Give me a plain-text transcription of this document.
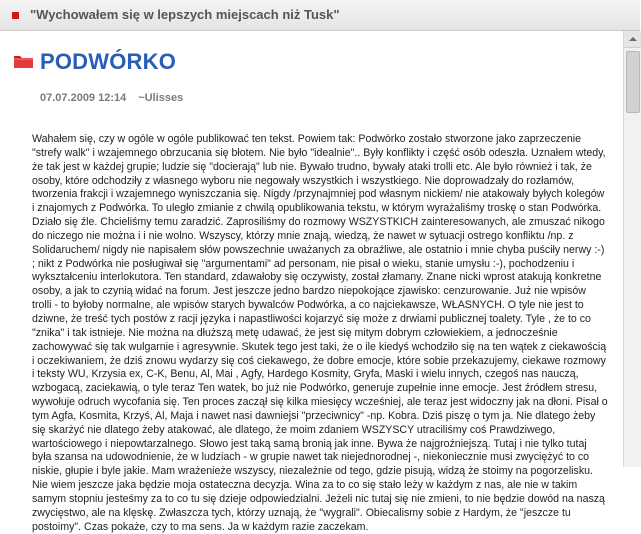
"Wychowałem się w lepszych miejscach niż Tusk"
PODWÓRKO
07.07.2009 12:14 ~Ulisses

Wahałem się, czy w ogóle w ogóle publikować ten tekst. Powiem tak: Podwórko zostało stworzone jako zaprzeczenie "strefy walk" i wzajemnego obrzucania się błotem. Nie było "idealnie".. Były konflikty i część osób odeszła. Uznałem wtedy, że tak jest w każdej grupie; ludzie się "docierają" lub nie. Bywało trudno, bywały ataki trolli etc. Ale było również i tak, że osoby, które odchodziły z własnego wyboru nie negowały wszystkich i wszystkiego. Nie doprowadzały do rozłamów, tworzenia frakcji i wzajemnego wyniszczania się. Nigdy /przynajmniej pod własnym nickiem/ nie atakowały byłych kolegów i znajomych z Podwórka. To uległo zmianie z chwilą opublikowania tekstu, w którym wyrażaliśmy troskę o stan Podwórka. Działo się źle. Chcieliśmy temu zaradzić. Zaprosiliśmy do rozmowy WSZYSTKICH zainteresowanych, ale zmuszać nikogo do niczego nie można i i nie wolno. Wszyscy, którzy mnie znają, wiedzą, że nawet w sytuacji ostrego konfliktu /np. z Solidaruchem/ nigdy nie napisałem słów powszechnie uważanych za obraźliwe, ale ostatnio i mnie chyba puściły nerwy :-) ; nikt z Podwórka nie posługiwał się "argumentami" ad personam, nie pisał o wieku, stanie umysłu :-), pochodzeniu i wykształceniu interlokutora. Ten standard, zdawałoby się oczywisty, został złamany. Znane nicki wprost atakują konkretne osoby, a jak to czynią widać na forum. Jest jeszcze jedno bardzo niepokojące zjawisko: cenzurowanie. Już nie wpisów trolli - to byłoby normalne, ale wpisów starych bywalców Podwórka, a co najciekawsze, WŁASNYCH. O tyle nie jest to dziwne, że treść tych postów z racji języka i napastliwości kojarzyć się może z drwiami publicznej toalety. Tyle , że to co "znika" i tak istnieje. Nie można na dłuższą metę udawać, że jest się mitym dobrym człowiekiem, a jednocześnie zachowywać się tak wulgarnie i agresywnie. Skutek tego jest taki, że o ile kiedyś wchodziło się na ten wątek z ciekawością i oczekiwaniem, że dziś znowu wydarzy się coś ciekawego, że dobre emocje, które sobie przekazujemy, ciekawe rozmowy i teksty WU, Krzysia ex, C-K, Benu, Al, Mai , Agfy, Hardego Kosmity, Gryfa, Maski i wielu innych, czegoś nas nauczą, wzbogacą, zaciekawią, o tyle teraz Ten watek, bo już nie Podwórko, generuje zupełnie inne emocje. Jest źródłem stresu, wywołuje odruch wycofania się. Ten proces zaczął się kilka miesięcy wcześniej, ale teraz jest widoczny jak na dłoni. Pisał o tym Agfa, Kosmita, Krzyś, Al, Maja i nawet nasi dawniejsi "przeciwnicy" -np. Kobra. Dziś piszę o tym ja. Nie dlatego żeby się skarżyć nie dlatego żeby atakować, ale dlatego, że moim zdaniem WSZYSCY utraciliśmy coś Prawdziwego, wartościowego i niepowtarzalnego. Słowo jest taką samą bronią jak inne. Bywa że najgroźniejszą. Tutaj i nie tylko tutaj była szansa na udowodnienie, że w ludziach - w grupie nawet tak niejednorodnej -, niekoniecznie musi zwyciężyć to co niskie, głupie i byle jakie. Mam wrażeniеże wszyscy, niezależnie od tego, gdzie pisują, widzą że stoimy na pogorzelisku. Nie wiem jeszcze jaka będzie moja ostateczna decyzja. Wina za to co się stało leży w każdym z nas, ale nie w takim samym stopniu jesteśmy za to co tu się dzieje odpowiedzialni. Jeżeli nic tutaj się nie zmieni, to nie będzie dowód na naszą zwycięstwo, ale na klęskę. Zwłaszcza tych, którzy uznają, że "wygrali". Obiecalismy sobie z Hardym, że "jeszcze tu postoimy". Czas pokaże, czy to ma sens. Ja w każdym razie zaczekam.
